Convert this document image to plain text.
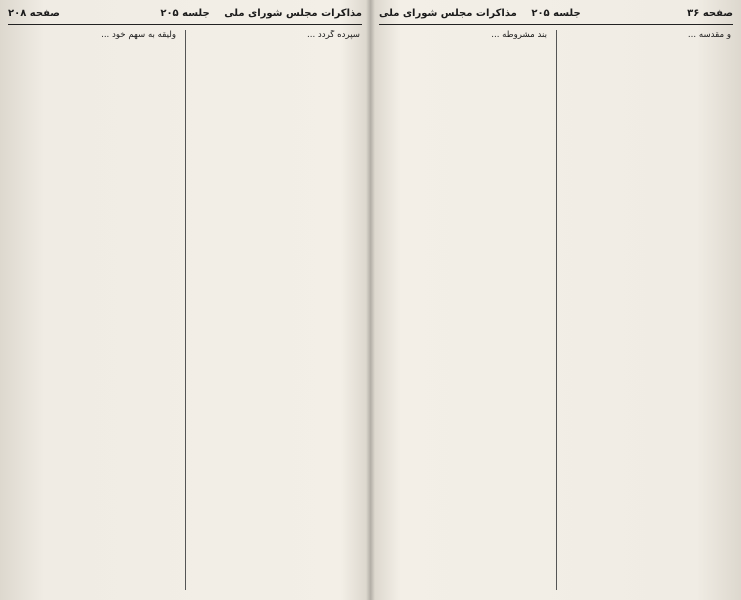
مذاکرات مجلس شورای ملی
جلسه ۲۰۵
صفحه ۲۰۸

سپرده گردد ...

ولیقه به سهم خود ...

صفحه ۳۶
جلسه ۲۰۵
مذاکرات مجلس شورای ملی

و مقدسه ...

بند مشروطه ...
